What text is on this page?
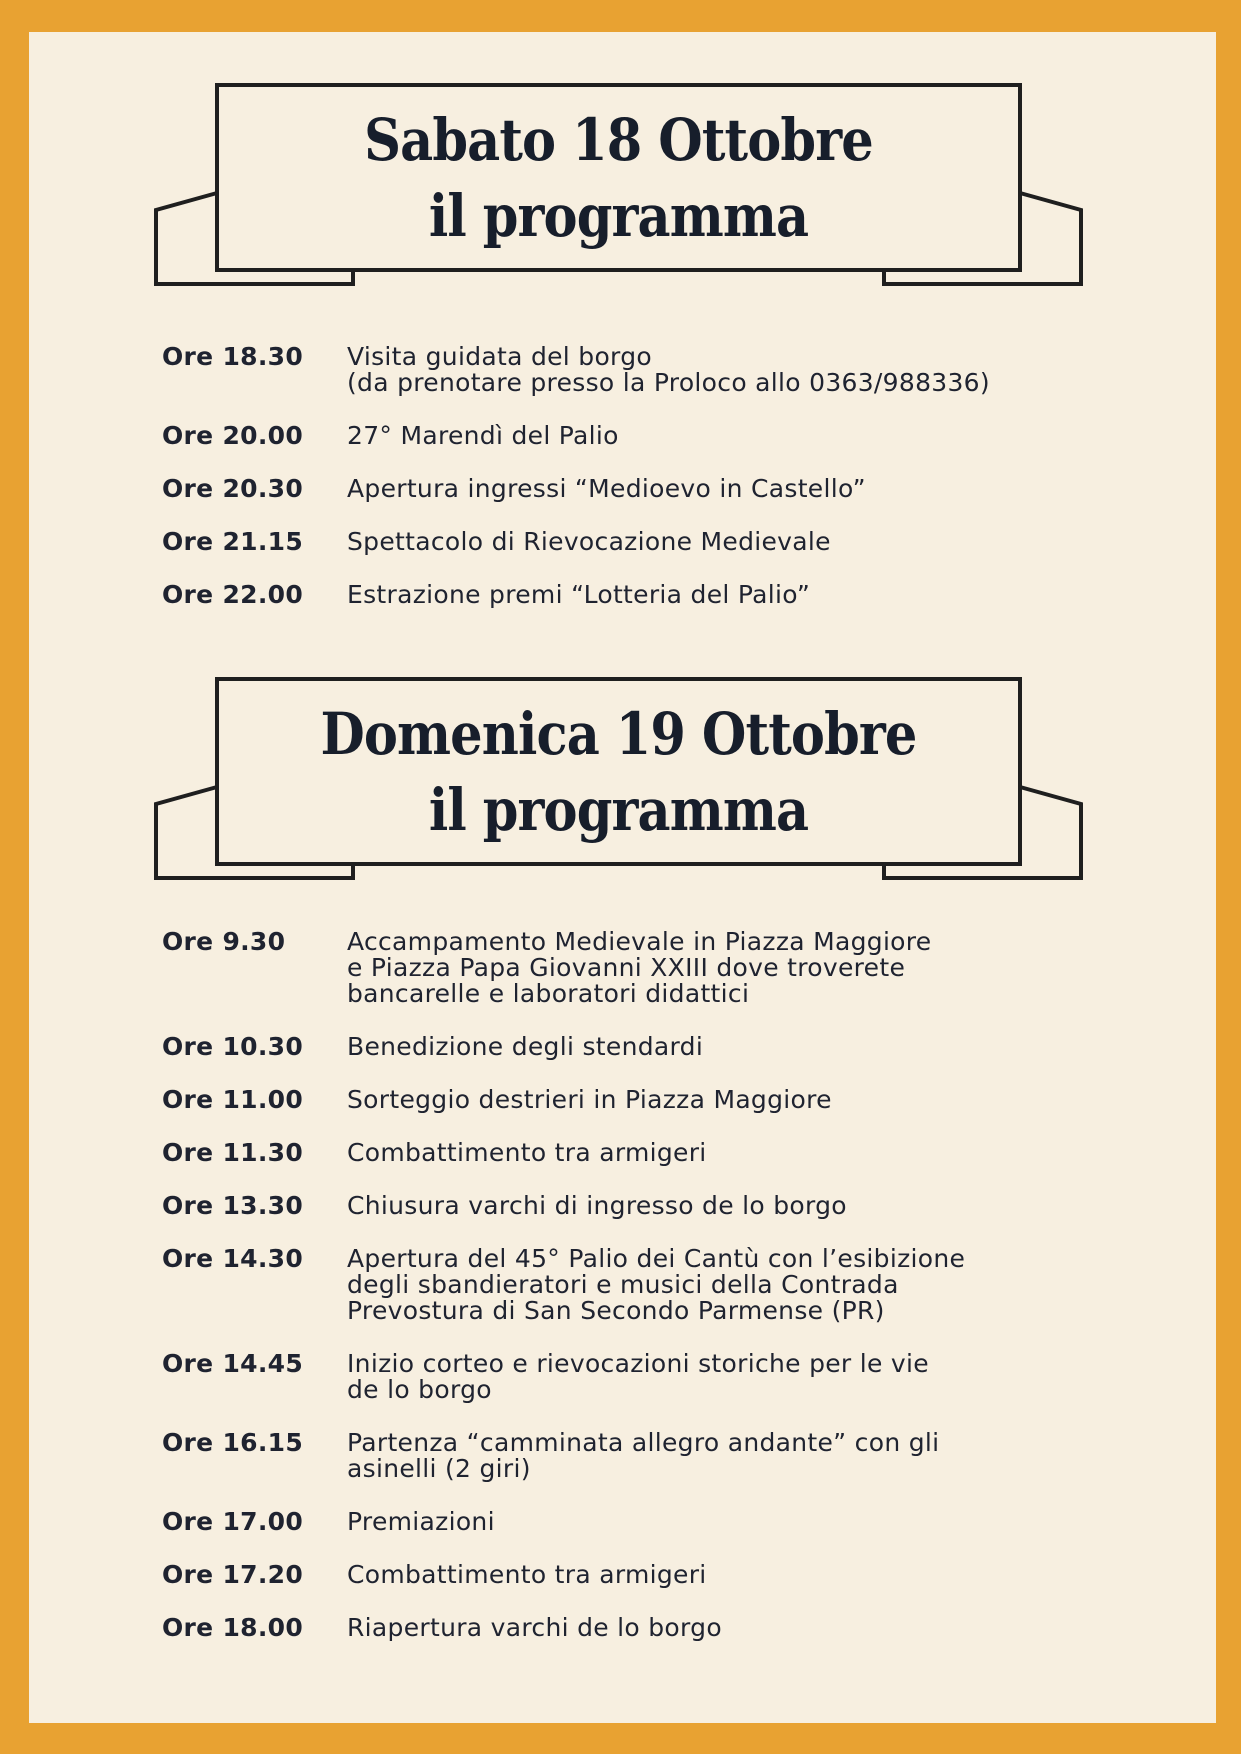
Sabato 18 Ottobre
il programma
Ore 18.30	Visita guidata del borgo
(da prenotare presso la Proloco allo 0363/988336)
Ore 20.00	27° Marendì del Palio
Ore 20.30	Apertura ingressi “Medioevo in Castello”
Ore 21.15	Spettacolo di Rievocazione Medievale
Ore 22.00	Estrazione premi “Lotteria del Palio”
Domenica 19 Ottobre
il programma
Ore 9.30	Accampamento Medievale in Piazza Maggiore
e Piazza Papa Giovanni XXIII dove troverete
bancarelle e laboratori didattici
Ore 10.30	Benedizione degli stendardi
Ore 11.00	Sorteggio destrieri in Piazza Maggiore
Ore 11.30	Combattimento tra armigeri
Ore 13.30	Chiusura varchi di ingresso de lo borgo
Ore 14.30	Apertura del 45° Palio dei Cantù con l’esibizione
degli sbandieratori e musici della Contrada
Prevostura di San Secondo Parmense (PR)
Ore 14.45	Inizio corteo e rievocazioni storiche per le vie
de lo borgo
Ore 16.15	Partenza “camminata allegro andante” con gli
asinelli (2 giri)
Ore 17.00	Premiazioni
Ore 17.20	Combattimento tra armigeri
Ore 18.00	Riapertura varchi de lo borgo
